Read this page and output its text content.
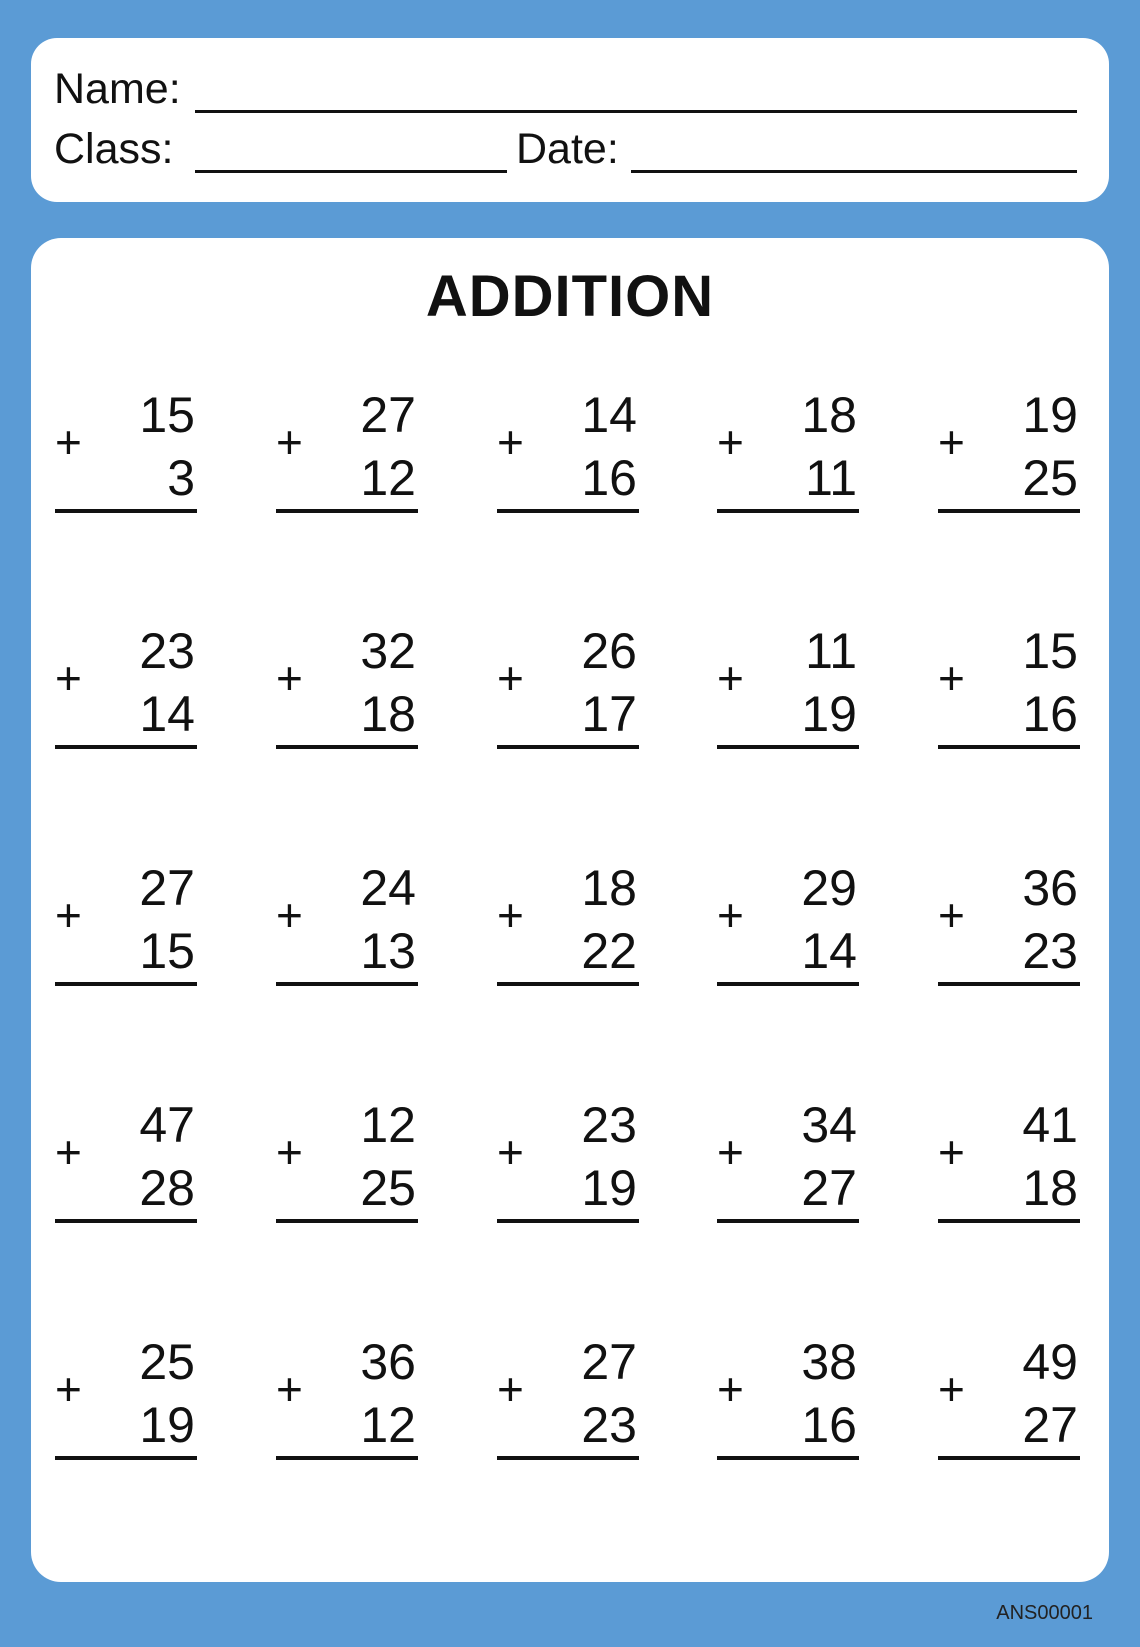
Name:
Class:	Date:
ADDITION
+ 15
3
+ 27
12
+ 14
16
+ 18
11
+ 19
25
+ 23
14
+ 32
18
+ 26
17
+ 11
19
+ 15
16
+ 27
15
+ 24
13
+ 18
22
+ 29
14
+ 36
23
+ 47
28
+ 12
25
+ 23
19
+ 34
27
+ 41
18
+ 25
19
+ 36
12
+ 27
23
+ 38
16
+ 49
27
ANS00001
